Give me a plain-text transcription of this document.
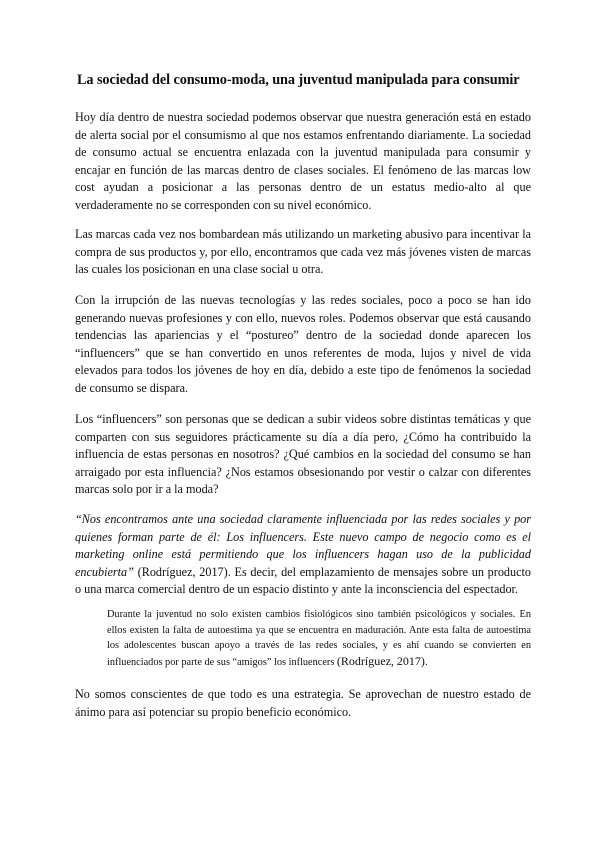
La sociedad del consumo-moda, una juventud manipulada para consumir

Hoy día dentro de nuestra sociedad podemos observar que nuestra generación está en estado de alerta social por el consumismo al que nos estamos enfrentando diariamente. La sociedad de consumo actual se encuentra enlazada con la juventud manipulada para consumir y encajar en función de las marcas dentro de clases sociales. El fenómeno de las marcas low cost ayudan a posicionar a las personas dentro de un estatus medio-alto al que verdaderamente no se corresponden con su nivel económico.

Las marcas cada vez nos bombardean más utilizando un marketing abusivo para incentivar la compra de sus productos y, por ello, encontramos que cada vez más jóvenes visten de marcas las cuales los posicionan en una clase social u otra.

Con la irrupción de las nuevas tecnologías y las redes sociales, poco a poco se han ido generando nuevas profesiones y con ello, nuevos roles. Podemos observar que está causando tendencias las apariencias y el “postureo” dentro de la sociedad donde aparecen los “influencers” que se han convertido en unos referentes de moda, lujos y nivel de vida elevados para todos los jóvenes de hoy en día, debido a este tipo de fenómenos la sociedad de consumo se dispara.

Los “influencers” son personas que se dedican a subir videos sobre distintas temáticas y que comparten con sus seguidores prácticamente su día a día pero, ¿Cómo ha contribuido la influencia de estas personas en nosotros? ¿Qué cambios en la sociedad del consumo se han arraigado por esta influencia? ¿Nos estamos obsesionando por vestir o calzar con diferentes marcas solo por ir a la moda?

“Nos encontramos ante una sociedad claramente influenciada por las redes sociales y por quienes forman parte de él: Los influencers. Este nuevo campo de negocio como es el marketing online está permitiendo que los influencers hagan uso de la publicidad encubierta” (Rodríguez, 2017). Es decir, del emplazamiento de mensajes sobre un producto o una marca comercial dentro de un espacio distinto y ante la inconsciencia del espectador.

Durante la juventud no solo existen cambios fisiológicos sino también psicológicos y sociales. En ellos existen la falta de autoestima ya que se encuentra en maduración. Ante esta falta de autoestima los adolescentes buscan apoyo a través de las redes sociales, y es ahí cuando se convierten en influenciados por parte de sus “amigos” los influencers (Rodríguez, 2017).

No somos conscientes de que todo es una estrategia. Se aprovechan de nuestro estado de ánimo para así potenciar su propio beneficio económico.
